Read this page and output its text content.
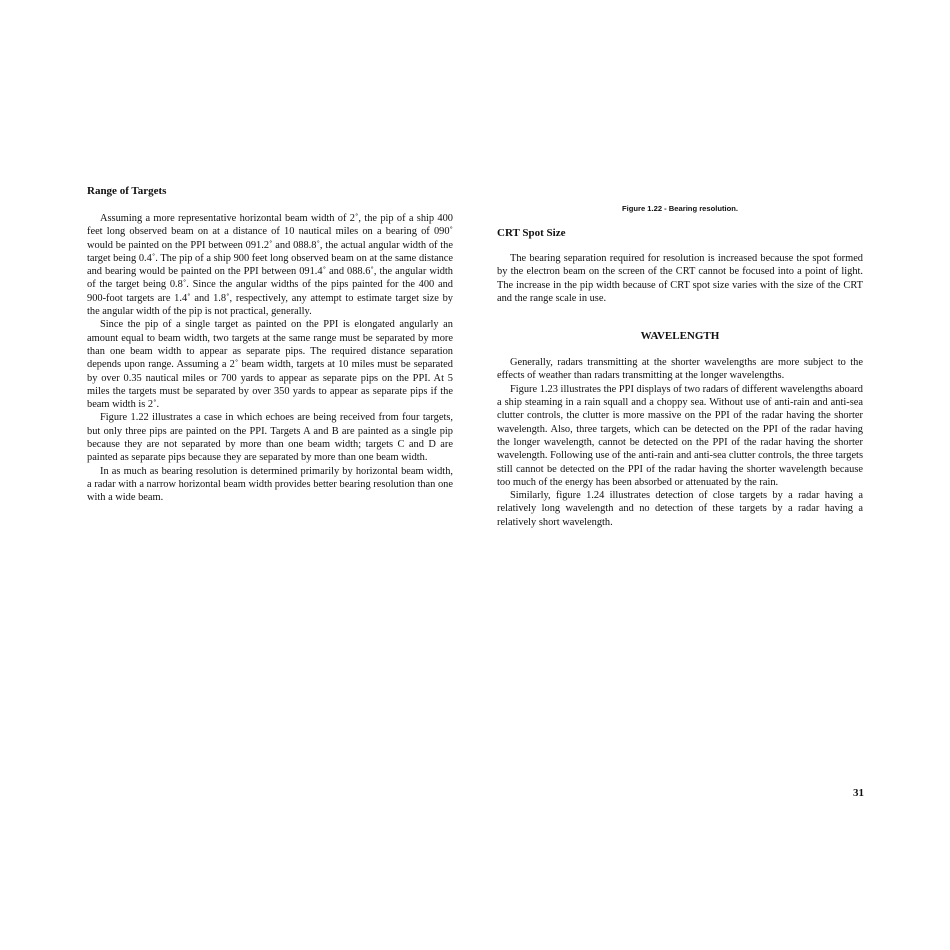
Range of Targets

Assuming a more representative horizontal beam width of 2˚, the pip of a ship 400 feet long observed beam on at a distance of 10 nautical miles on a bearing of 090˚ would be painted on the PPI between 091.2˚ and 088.8˚, the actual angular width of the target being 0.4˚. The pip of a ship 900 feet long observed beam on at the same distance and bearing would be painted on the PPI between 091.4˚ and 088.6˚, the angular width of the target being 0.8˚. Since the angular widths of the pips painted for the 400 and 900-foot targets are 1.4˚ and 1.8˚, respectively, any attempt to estimate target size by the angular width of the pip is not practical, generally.

Since the pip of a single target as painted on the PPI is elongated angularly an amount equal to beam width, two targets at the same range must be separated by more than one beam width to appear as separate pips. The required distance separation depends upon range. Assuming a 2˚ beam width, targets at 10 miles must be separated by over 0.35 nautical miles or 700 yards to appear as separate pips on the PPI. At 5 miles the targets must be separated by over 350 yards to appear as separate pips if the beam width is 2˚.

Figure 1.22 illustrates a case in which echoes are being received from four targets, but only three pips are painted on the PPI. Targets A and B are painted as a single pip because they are not separated by more than one beam width; targets C and D are painted as separate pips because they are separated by more than one beam width.

In as much as bearing resolution is determined primarily by horizontal beam width, a radar with a narrow horizontal beam width provides better bearing resolution than one with a wide beam.

Figure 1.22 - Bearing resolution.
CRT Spot Size

The bearing separation required for resolution is increased because the spot formed by the electron beam on the screen of the CRT cannot be focused into a point of light. The increase in the pip width because of CRT spot size varies with the size of the CRT and the range scale in use.

WAVELENGTH

Generally, radars transmitting at the shorter wavelengths are more subject to the effects of weather than radars transmitting at the longer wavelengths.

Figure 1.23 illustrates the PPI displays of two radars of different wavelengths aboard a ship steaming in a rain squall and a choppy sea. Without use of anti-rain and anti-sea clutter controls, the clutter is more massive on the PPI of the radar having the shorter wavelength. Also, three targets, which can be detected on the PPI of the radar having the longer wavelength, cannot be detected on the PPI of the radar having the shorter wavelength. Following use of the anti-rain and anti-sea clutter controls, the three targets still cannot be detected on the PPI of the radar having the shorter wavelength because too much of the energy has been absorbed or attenuated by the rain.

Similarly, figure 1.24 illustrates detection of close targets by a radar having a relatively long wavelength and no detection of these targets by a radar having a relatively short wavelength.

31
